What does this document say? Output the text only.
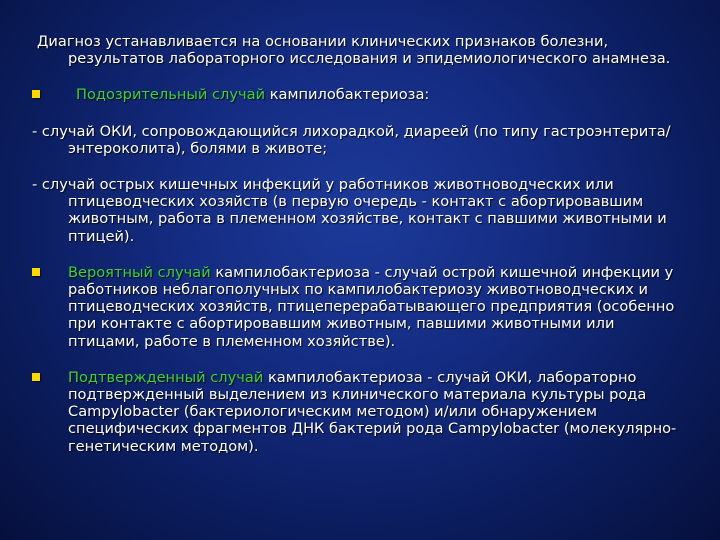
Диагноз устанавливается на основании клинических признаков болезни, результатов лабораторного исследования и эпидемиологического анамнеза.

Подозрительный случай кампилобактериоза:

- случай ОКИ, сопровождающийся лихорадкой, диареей (по типу гастроэнтерита/энтероколита), болями в животе;

- случай острых кишечных инфекций у работников животноводческих или птицеводческих хозяйств (в первую очередь - контакт с абортировавшим животным, работа в племенном хозяйстве, контакт с павшими животными и птицей).

Вероятный случай кампилобактериоза - случай острой кишечной инфекции у работников неблагополучных по кампилобактериозу животноводческих и птицеводческих хозяйств, птицеперерабатывающего предприятия (особенно при контакте с абортировавшим животным, павшими животными или птицами, работе в племенном хозяйстве).
Подтвержденный случай кампилобактериоза - случай ОКИ, лабораторно подтвержденный выделением из клинического материала культуры рода Campylobacter (бактериологическим методом) и/или обнаружением специфических фрагментов ДНК бактерий рода Campylobacter (молекулярно-генетическим методом).
